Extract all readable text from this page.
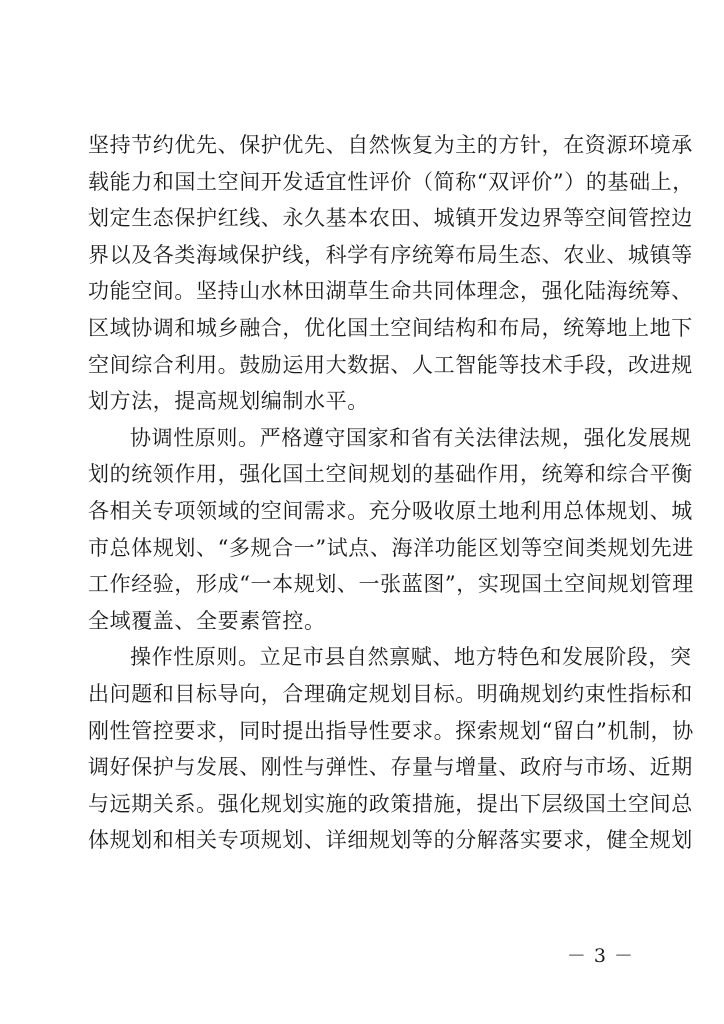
坚持节约优先、保护优先、自然恢复为主的方针，在资源环境承
载能力和国土空间开发适宜性评价（简称“双评价”）的基础上，
划定生态保护红线、永久基本农田、城镇开发边界等空间管控边
界以及各类海域保护线，科学有序统筹布局生态、农业、城镇等
功能空间。坚持山水林田湖草生命共同体理念，强化陆海统筹、
区域协调和城乡融合，优化国土空间结构和布局，统筹地上地下
空间综合利用。鼓励运用大数据、人工智能等技术手段，改进规
划方法，提高规划编制水平。
协调性原则。严格遵守国家和省有关法律法规，强化发展规
划的统领作用，强化国土空间规划的基础作用，统筹和综合平衡
各相关专项领域的空间需求。充分吸收原土地利用总体规划、城
市总体规划、“多规合一”试点、海洋功能区划等空间类规划先进
工作经验，形成“一本规划、一张蓝图”，实现国土空间规划管理
全域覆盖、全要素管控。
操作性原则。立足市县自然禀赋、地方特色和发展阶段，突
出问题和目标导向，合理确定规划目标。明确规划约束性指标和
刚性管控要求，同时提出指导性要求。探索规划“留白”机制，协
调好保护与发展、刚性与弹性、存量与增量、政府与市场、近期
与远期关系。强化规划实施的政策措施，提出下层级国土空间总
体规划和相关专项规划、详细规划等的分解落实要求，健全规划
－ 3 －
